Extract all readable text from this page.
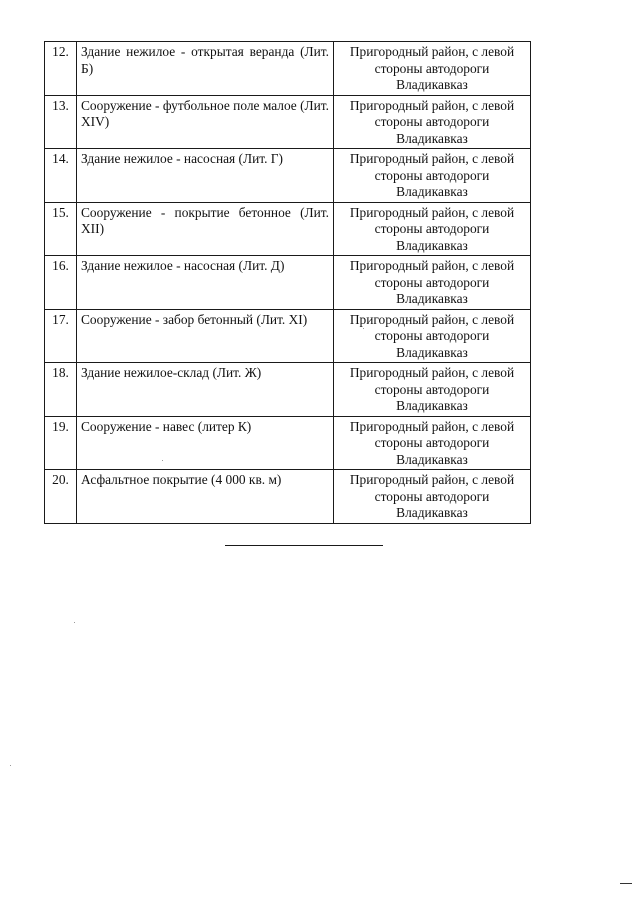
12.	Здание нежилое - открытая веранда (Лит. Б)	Пригородный район, с левой стороны автодороги Владикавказ
13.	Сооружение - футбольное поле малое (Лит. XIV)	Пригородный район, с левой стороны автодороги Владикавказ
14.	Здание нежилое - насосная (Лит. Г)	Пригородный район, с левой стороны автодороги Владикавказ
15.	Сооружение - покрытие бетонное (Лит. XII)	Пригородный район, с левой стороны автодороги Владикавказ
16.	Здание нежилое - насосная (Лит. Д)	Пригородный район, с левой стороны автодороги Владикавказ
17.	Сооружение - забор бетонный (Лит. XI)	Пригородный район, с левой стороны автодороги Владикавказ
18.	Здание нежилое-склад (Лит. Ж)	Пригородный район, с левой стороны автодороги Владикавказ
19.	Сооружение - навес (литер К)	Пригородный район, с левой стороны автодороги Владикавказ
20.	Асфальтное покрытие (4 000 кв. м)	Пригородный район, с левой стороны автодороги Владикавказ
